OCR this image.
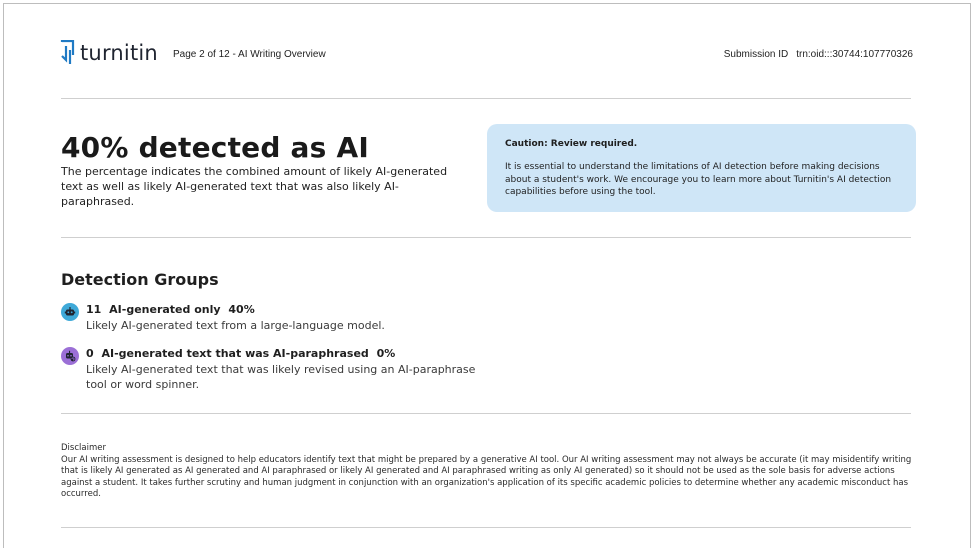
turnitin Page 2 of 12 - AI Writing Overview	Submission ID trn:oid:::30744:107770326
40% detected as AI
The percentage indicates the combined amount of likely AI-generated text as well as likely AI-generated text that was also likely AI-paraphrased.
Caution: Review required.
It is essential to understand the limitations of AI detection before making decisions about a student's work. We encourage you to learn more about Turnitin's AI detection capabilities before using the tool.
Detection Groups
11 AI-generated only 40%
Likely AI-generated text from a large-language model.
0 AI-generated text that was AI-paraphrased 0%
Likely AI-generated text that was likely revised using an AI-paraphrase tool or word spinner.
Disclaimer
Our AI writing assessment is designed to help educators identify text that might be prepared by a generative AI tool. Our AI writing assessment may not always be accurate (it may misidentify writing that is likely AI generated as AI generated and AI paraphrased or likely AI generated and AI paraphrased writing as only AI generated) so it should not be used as the sole basis for adverse actions against a student. It takes further scrutiny and human judgment in conjunction with an organization's application of its specific academic policies to determine whether any academic misconduct has occurred.
